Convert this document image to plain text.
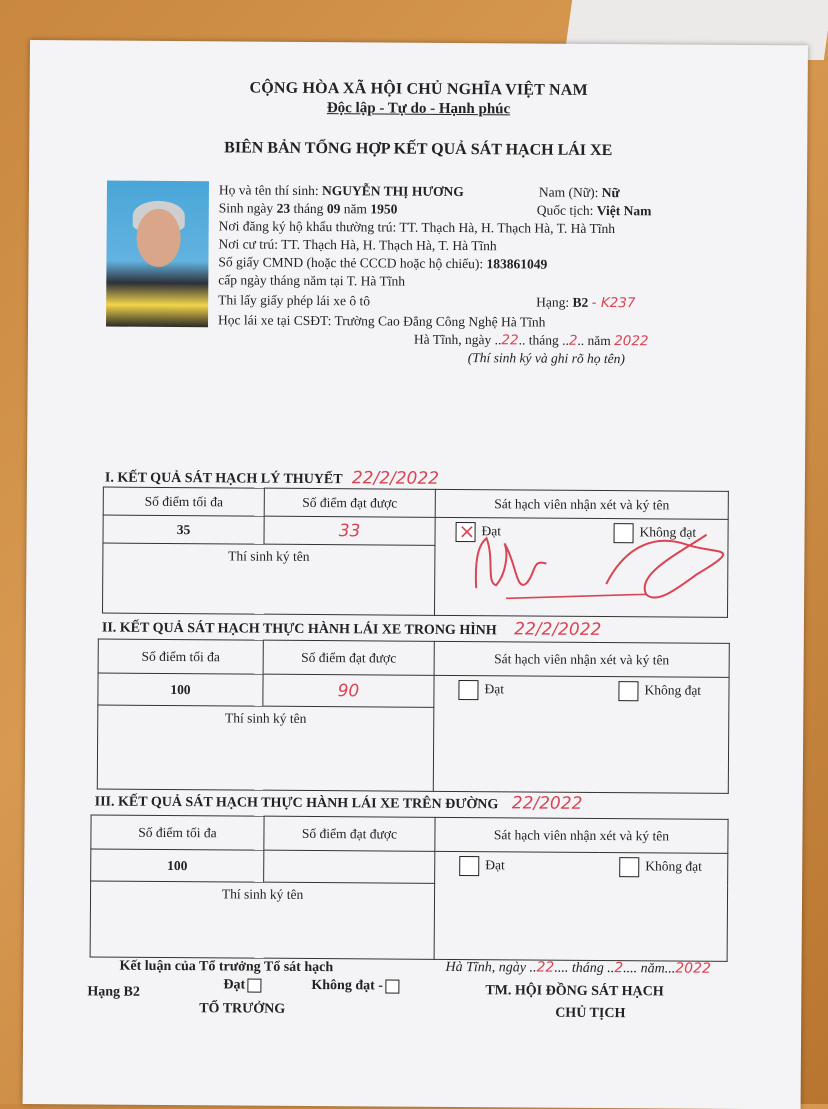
CỘNG HÒA XÃ HỘI CHỦ NGHĨA VIỆT NAM
Độc lập - Tự do - Hạnh phúc
BIÊN BẢN TỔNG HỢP KẾT QUẢ SÁT HẠCH LÁI XE
Họ và tên thí sinh: NGUYỄN THỊ HƯƠNG	Nam (Nữ): Nữ
Sinh ngày 23 tháng 09 năm 1950	Quốc tịch: Việt Nam
Nơi đăng ký hộ khẩu thường trú: TT. Thạch Hà, H. Thạch Hà, T. Hà Tĩnh
Nơi cư trú: TT. Thạch Hà, H. Thạch Hà, T. Hà Tĩnh
Số giấy CMND (hoặc thẻ CCCD hoặc hộ chiếu): 183861049
cấp ngày tháng năm tại T. Hà Tĩnh
Thi lấy giấy phép lái xe ô tô	Hạng: B2 - K237
Học lái xe tại CSĐT: Trường Cao Đẳng Công Nghệ Hà Tĩnh
Hà Tĩnh, ngày ..22.. tháng ..2.. năm 2022
(Thí sinh ký và ghi rõ họ tên)
I. KẾT QUẢ SÁT HẠCH LÝ THUYẾT 22/2/2022
Số điểm tối đa	Số điểm đạt được	Sát hạch viên nhận xét và ký tên	
35	33	×Đạt	Không đạt
Thí sinh ký tên			
II. KẾT QUẢ SÁT HẠCH THỰC HÀNH LÁI XE TRONG HÌNH 22/2/2022
Số điểm tối đa	Số điểm đạt được	Sát hạch viên nhận xét và ký tên	
100	90	Đạt	Không đạt
Thí sinh ký tên			
III. KẾT QUẢ SÁT HẠCH THỰC HÀNH LÁI XE TRÊN ĐƯỜNG 22/2022
Số điểm tối đa	Số điểm đạt được	Sát hạch viên nhận xét và ký tên	
100		Đạt	Không đạt
Thí sinh ký tên			
Kết luận của Tổ trưởng Tổ sát hạch
Hạng B2	Đạt	Không đạt -
TỔ TRƯỞNG
Hà Tĩnh, ngày ..22.... tháng ..2.... năm...2022
TM. HỘI ĐỒNG SÁT HẠCH
CHỦ TỊCH
